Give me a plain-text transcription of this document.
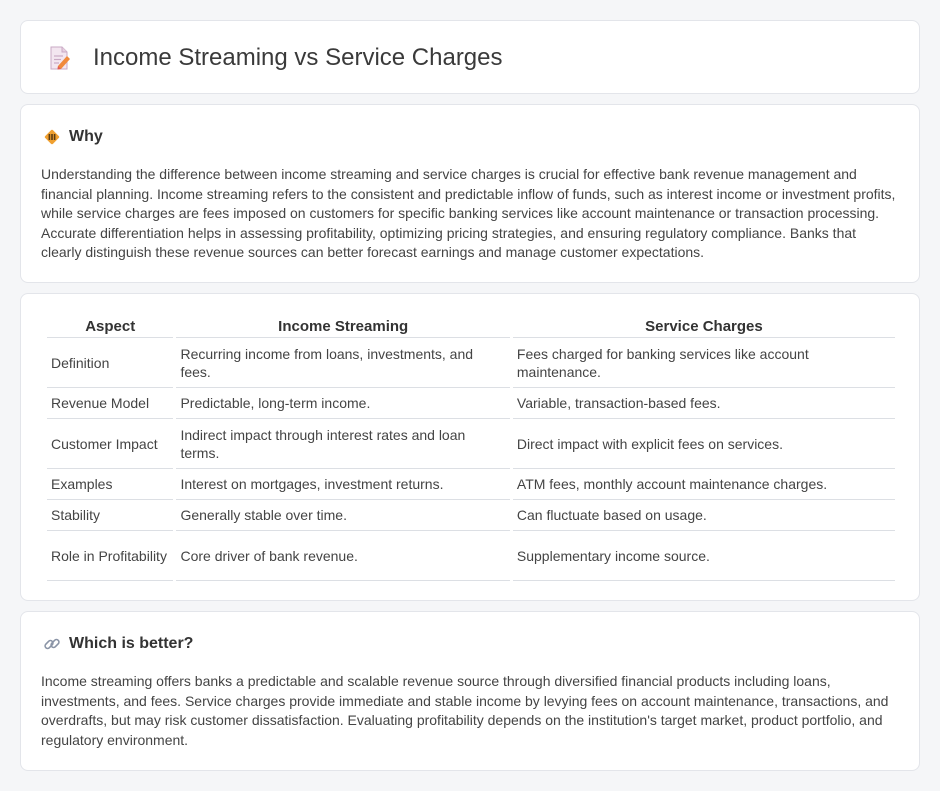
Income Streaming vs Service Charges
Why

Understanding the difference between income streaming and service charges is crucial for effective bank revenue management and financial planning. Income streaming refers to the consistent and predictable inflow of funds, such as interest income or investment profits, while service charges are fees imposed on customers for specific banking services like account maintenance or transaction processing. Accurate differentiation helps in assessing profitability, optimizing pricing strategies, and ensuring regulatory compliance. Banks that clearly distinguish these revenue sources can better forecast earnings and manage customer expectations.

Aspect	Income Streaming	Service Charges
Definition	Recurring income from loans, investments, and fees.	Fees charged for banking services like account maintenance.
Revenue Model	Predictable, long-term income.	Variable, transaction-based fees.
Customer Impact	Indirect impact through interest rates and loan terms.	Direct impact with explicit fees on services.
Examples	Interest on mortgages, investment returns.	ATM fees, monthly account maintenance charges.
Stability	Generally stable over time.	Can fluctuate based on usage.
Role in Profitability	Core driver of bank revenue.	Supplementary income source.
Which is better?

Income streaming offers banks a predictable and scalable revenue source through diversified financial products including loans, investments, and fees. Service charges provide immediate and stable income by levying fees on account maintenance, transactions, and overdrafts, but may risk customer dissatisfaction. Evaluating profitability depends on the institution's target market, product portfolio, and regulatory environment.
